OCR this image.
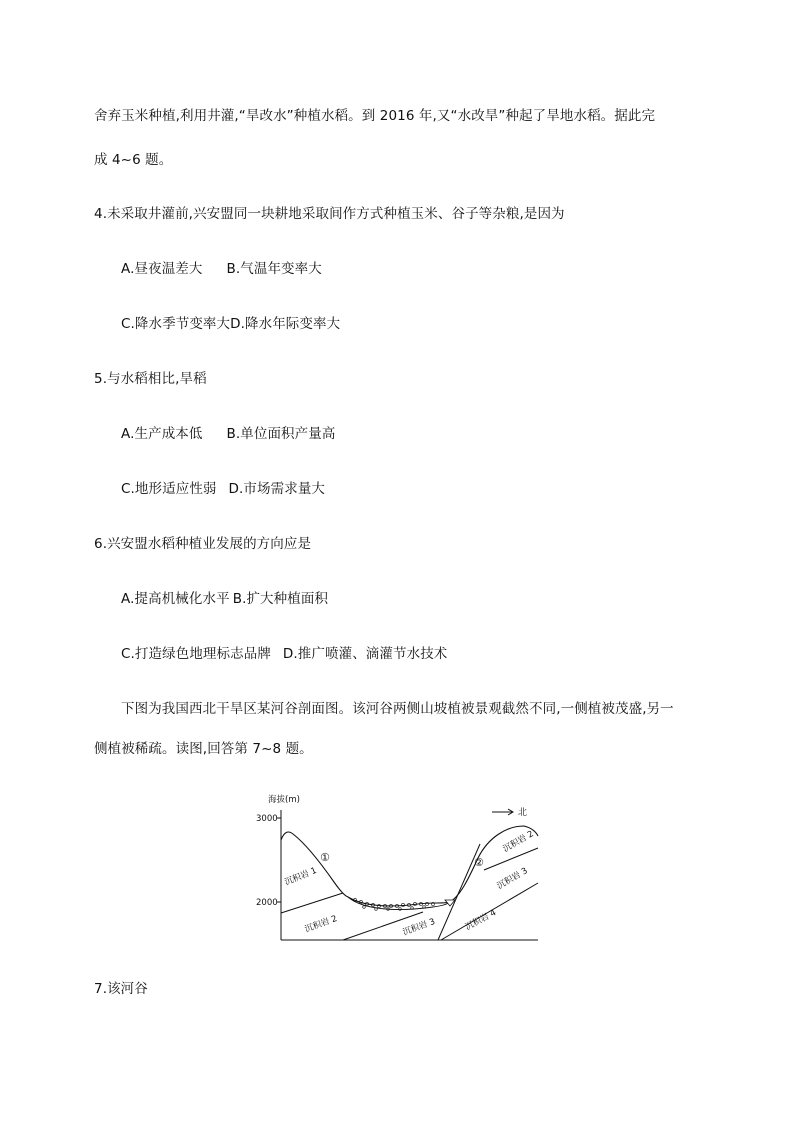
舍弃玉米种植,利用井灌,“旱改水”种植水稻。到 2016 年,又“水改旱”种起了旱地水稻。据此完
成 4~6 题。
4.未采取井灌前,兴安盟同一块耕地采取间作方式种植玉米、谷子等杂粮,是因为
A.昼夜温差大 B.气温年变率大
C.降水季节变率大D.降水年际变率大
5.与水稻相比,旱稻
A.生产成本低 B.单位面积产量高
C.地形适应性弱 D.市场需求量大
6.兴安盟水稻种植业发展的方向应是
A.提高机械化水平 B.扩大种植面积
C.打造绿色地理标志品牌 D.推广喷灌、滴灌节水技术
下图为我国西北干旱区某河谷剖面图。该河谷两侧山坡植被景观截然不同,一侧植被茂盛,另一
侧植被稀疏。读图,回答第 7~8 题。
海拔(m)
3000
2000
北
①	②
沉积岩 1
沉积岩 2	沉积岩 3
沉积岩 2
沉积岩 3
沉积岩 4
7.该河谷
